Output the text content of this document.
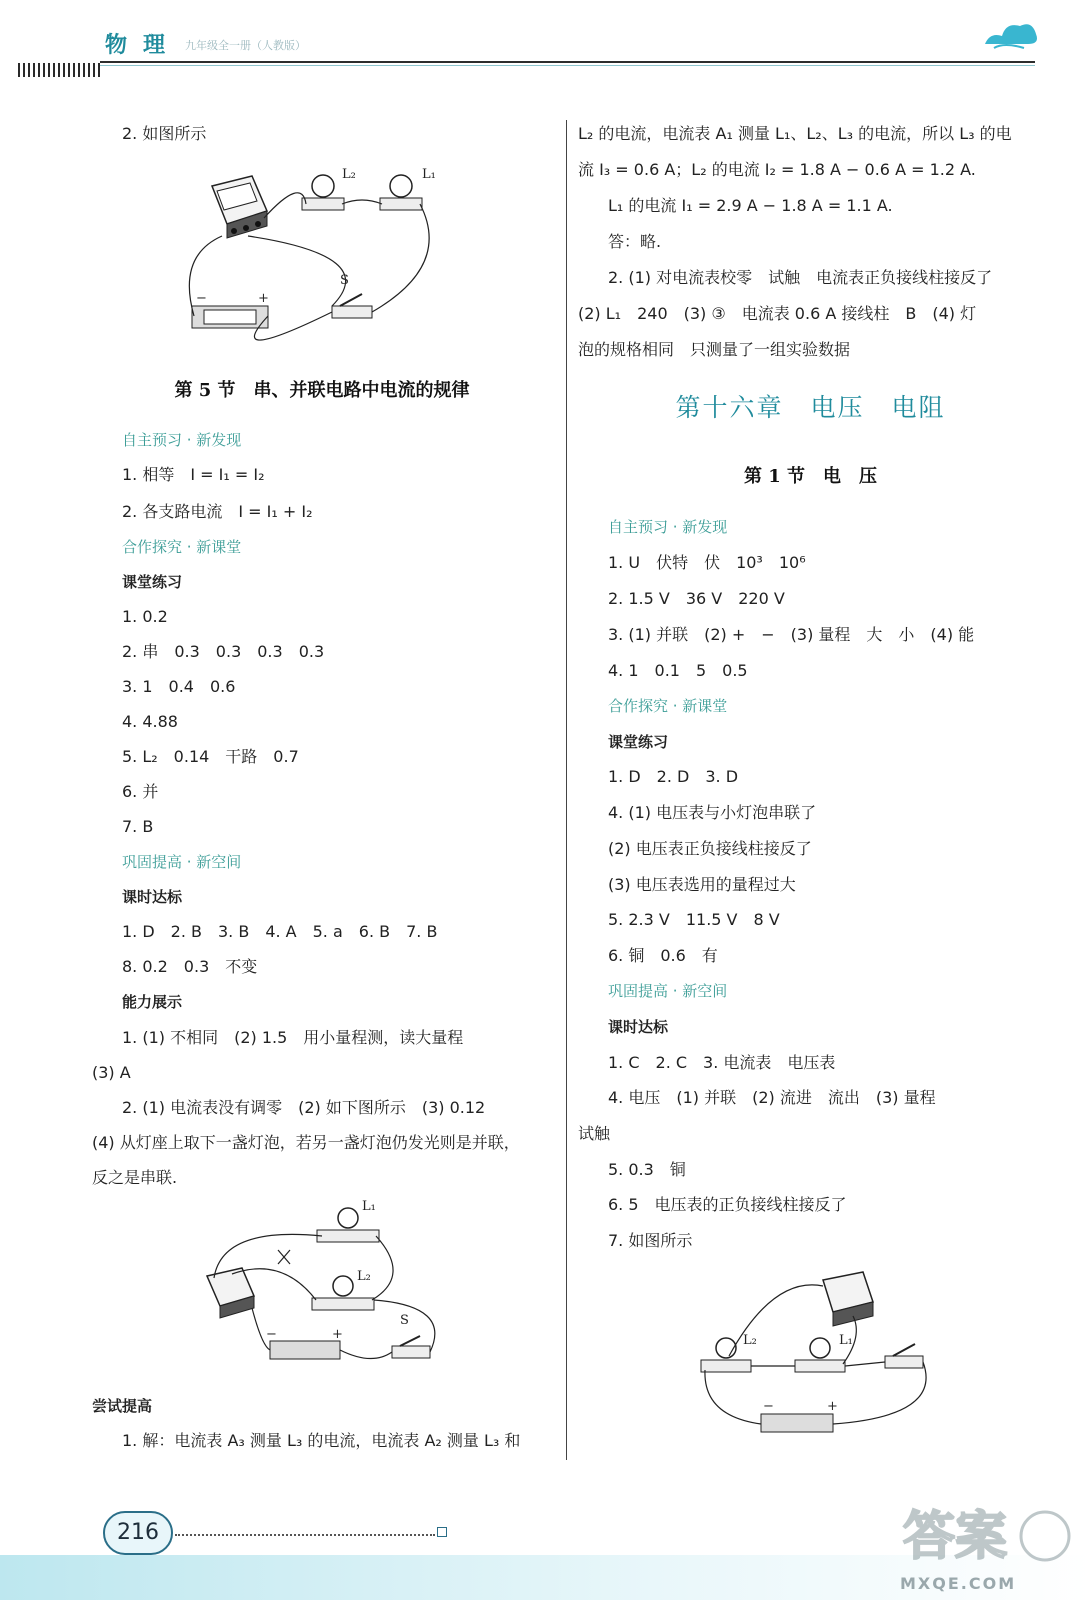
物理 九年级全一册（人教版）
2. 如图所示
L₂	L₁
S
−	+
第 5 节　串、并联电路中电流的规律
自主预习 · 新发现
1. 相等　I = I₁ = I₂
2. 各支路电流　I = I₁ + I₂
合作探究 · 新课堂
课堂练习
1. 0.2
2. 串　0.3　0.3　0.3　0.3
3. 1　0.4　0.6
4. 4.88
5. L₂　0.14　干路　0.7
6. 并
7. B
巩固提高 · 新空间
课时达标
1. D　2. B　3. B　4. A　5. a　6. B　7. B
8. 0.2　0.3　不变
能力展示
1. (1) 不相同　(2) 1.5　用小量程测，读大量程
(3) A
2. (1) 电流表没有调零　(2) 如下图所示　(3) 0.12
(4) 从灯座上取下一盏灯泡，若另一盏灯泡仍发光则是并联，
反之是串联.
L₁
L₂
−	+
S
尝试提高
1. 解：电流表 A₃ 测量 L₃ 的电流，电流表 A₂ 测量 L₃ 和
L₂ 的电流，电流表 A₁ 测量 L₁、L₂、L₃ 的电流，所以 L₃ 的电
流 I₃ = 0.6 A；L₂ 的电流 I₂ = 1.8 A − 0.6 A = 1.2 A.
L₁ 的电流 I₁ = 2.9 A − 1.8 A = 1.1 A.
答：略.
2. (1) 对电流表校零　试触　电流表正负接线柱接反了
(2) L₁　240　(3) ③　电流表 0.6 A 接线柱　B　(4) 灯
泡的规格相同　只测量了一组实验数据
第十六章　电压　电阻
第 1 节　电　压
自主预习 · 新发现
1. U　伏特　伏　10³　10⁶
2. 1.5 V　36 V　220 V
3. (1) 并联　(2) +　−　(3) 量程　大　小　(4) 能
4. 1　0.1　5　0.5
合作探究 · 新课堂
课堂练习
1. D　2. D　3. D
4. (1) 电压表与小灯泡串联了
(2) 电压表正负接线柱接反了
(3) 电压表选用的量程过大
5. 2.3 V　11.5 V　8 V
6. 铜　0.6　有
巩固提高 · 新空间
课时达标
1. C　2. C　3. 电流表　电压表
4. 电压　(1) 并联　(2) 流进　流出　(3) 量程
试触
5. 0.3　铜
6. 5　电压表的正负接线柱接反了
7. 如图所示
L₂	L₁
−	+
216	答案
MXQE.COM
